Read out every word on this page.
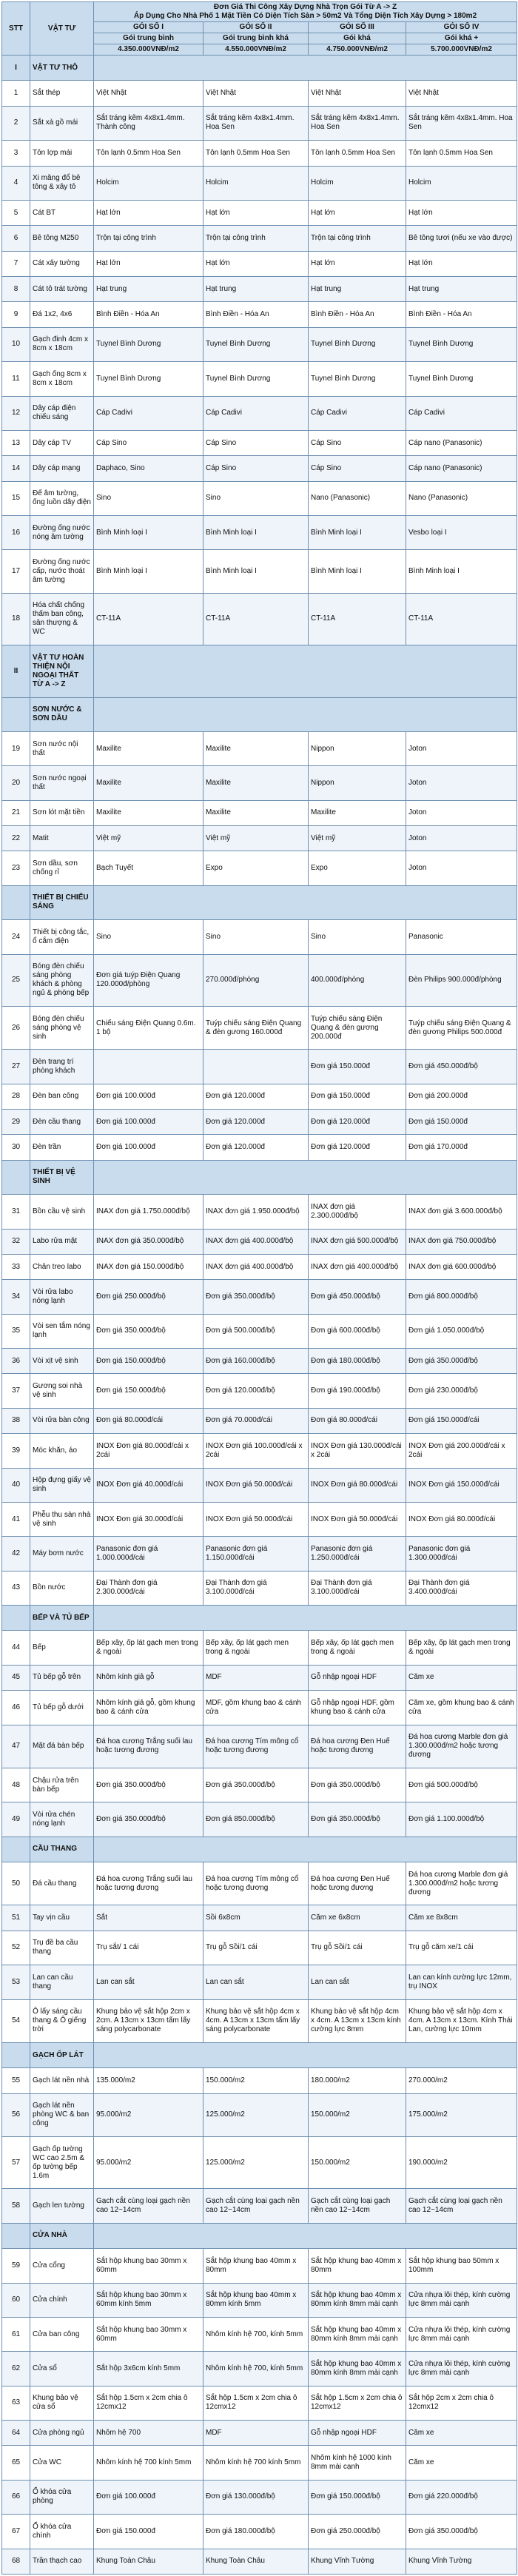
STT	VẬT TƯ	Đơn Giá Thi Công Xây Dựng Nhà Trọn Gói Từ A -> Z
Áp Dụng Cho Nhà Phố 1 Mặt Tiền Có Diện Tích Sàn > 50m2 Và Tổng Diện Tích Xây Dựng > 180m2			

		GÓI SỐ I	GÓI SỐ II	GÓI SỐ III	GÓI SỐ IV
		Gói trung bình	Gói trung bình khá	Gói khá	Gói khá +
		4.350.000VNĐ/m2	4.550.000VNĐ/m2	4.750.000VNĐ/m2	5.700.000VNĐ/m2
I	VẬT TƯ THÔ				
1	Sắt thép	Việt Nhật	Việt Nhật	Việt Nhật	Việt Nhật
2	Sắt xà gồ mái	Sắt tráng kẽm 4x8x1.4mm. Thành công	Sắt tráng kẽm 4x8x1.4mm. Hoa Sen	Sắt tráng kẽm 4x8x1.4mm. Hoa Sen	Sắt tráng kẽm 4x8x1.4mm. Hoa Sen
3	Tôn lợp mái	Tôn lạnh 0.5mm Hoa Sen	Tôn lạnh 0.5mm Hoa Sen	Tôn lạnh 0.5mm Hoa Sen	Tôn lạnh 0.5mm Hoa Sen
4	Xi măng đổ bê tông & xây tô	Holcim	Holcim	Holcim	Holcim
5	Cát BT	Hạt lớn	Hạt lớn	Hạt lớn	Hạt lớn
6	Bê tông M250	Trộn tại công trình	Trộn tại công trình	Trộn tại công trình	Bê tông tươi (nếu xe vào được)
7	Cát xây tường	Hạt lớn	Hạt lớn	Hạt lớn	Hạt lớn
8	Cát tô trát tường	Hạt trung	Hạt trung	Hạt trung	Hạt trung
9	Đá 1x2, 4x6	Bình Điền - Hóa An	Bình Điền - Hóa An	Bình Điền - Hóa An	Bình Điền - Hóa An
10	Gạch đinh 4cm x 8cm x 18cm	Tuynel Bình Dương	Tuynel Bình Dương	Tuynel Bình Dương	Tuynel Bình Dương
11	Gạch ống 8cm x 8cm x 18cm	Tuynel Bình Dương	Tuynel Bình Dương	Tuynel Bình Dương	Tuynel Bình Dương
12	Dây cáp điện chiếu sáng	Cáp Cadivi	Cáp Cadivi	Cáp Cadivi	Cáp Cadivi
13	Dây cáp TV	Cáp Sino	Cáp Sino	Cáp Sino	Cáp nano (Panasonic)
14	Dây cáp mạng	Daphaco, Sino	Cáp Sino	Cáp Sino	Cáp nano (Panasonic)
15	Đế âm tường, ống luồn dây điện	Sino	Sino	Nano (Panasonic)	Nano (Panasonic)
16	Đường ống nước nóng âm tường	Bình Minh loại I	Bình Minh loại I	Bình Minh loại I	Vesbo loại I
17	Đường ống nước cấp, nước thoát âm tường	Bình Minh loại I	Bình Minh loại I	Bình Minh loại I	Bình Minh loại I
18	Hóa chất chống thấm ban công, sân thượng & WC	CT-11A	CT-11A	CT-11A	CT-11A
II	VẬT TƯ HOÀN THIỆN NỘI NGOẠI THẤT TỪ A -> Z				
	SƠN NƯỚC & SƠN DẦU				
19	Sơn nước nội thất	Maxilite	Maxilite	Nippon	Joton
20	Sơn nước ngoại thất	Maxilite	Maxilite	Nippon	Joton
21	Sơn lót mặt tiền	Maxilite	Maxilite	Maxilite	Joton
22	Matit	Việt mỹ	Việt mỹ	Việt mỹ	Joton
23	Sơn dầu, sơn chống rỉ	Bạch Tuyết	Expo	Expo	Joton
	THIẾT BỊ CHIẾU SÁNG				
24	Thiết bị công tắc, ổ cắm điện	Sino	Sino	Sino	Panasonic
25	Bóng đèn chiếu sáng phòng khách & phòng ngủ & phòng bếp	Đơn giá tuýp Điện Quang 120.000đ/phòng	270.000đ/phòng	400.000đ/phòng	Đèn Philips 900.000đ/phòng
26	Bóng đèn chiếu sáng phòng vệ sinh	Chiếu sáng Điện Quang 0.6m. 1 bộ	Tuýp chiếu sáng Điện Quang & đèn gương 160.000đ	Tuýp chiếu sáng Điện Quang & đèn gương 200.000đ	Tuýp chiếu sáng Điện Quang & đèn gương Philips 500.000đ
27	Đèn trang trí phòng khách			Đơn giá 150.000đ	Đơn giá 450.000đ/bộ
28	Đèn ban công	Đơn giá 100.000đ	Đơn giá 120.000đ	Đơn giá 150.000đ	Đơn giá 200.000đ
29	Đèn cầu thang	Đơn giá 100.000đ	Đơn giá 120.000đ	Đơn giá 120.000đ	Đơn giá 150.000đ
30	Đèn trần	Đơn giá 100.000đ	Đơn giá 120.000đ	Đơn giá 120.000đ	Đơn giá 170.000đ
	THIẾT BỊ VỆ SINH				
31	Bồn cầu vệ sinh	INAX đơn giá 1.750.000đ/bộ	INAX đơn giá 1.950.000đ/bộ	INAX đơn giá 2.300.000đ/bộ	INAX đơn giá 3.600.000đ/bộ
32	Labo rửa mặt	INAX đơn giá 350.000đ/bộ	INAX đơn giá 400.000đ/bộ	INAX đơn giá 500.000đ/bộ	INAX đơn giá 750.000đ/bộ
33	Chân treo labo	INAX đơn giá 150.000đ/bộ	INAX đơn giá 400.000đ/bộ	INAX đơn giá 400.000đ/bộ	INAX đơn giá 600.000đ/bộ
34	Vòi rửa labo nóng lạnh	Đơn giá 250.000đ/bộ	Đơn giá 350.000đ/bộ	Đơn giá 450.000đ/bộ	Đơn giá 800.000đ/bộ
35	Vòi sen tắm nóng lạnh	Đơn giá 350.000đ/bộ	Đơn giá 500.000đ/bộ	Đơn giá 600.000đ/bộ	Đơn giá 1.050.000đ/bộ
36	Vòi xịt vệ sinh	Đơn giá 150.000đ/bộ	Đơn giá 160.000đ/bộ	Đơn giá 180.000đ/bộ	Đơn giá 350.000đ/bộ
37	Gương soi nhà vệ sinh	Đơn giá 150.000đ/bộ	Đơn giá 120.000đ/bộ	Đơn giá 190.000đ/bộ	Đơn giá 230.000đ/bộ
38	Vòi rửa bàn công	Đơn giá 80.000đ/cái	Đơn giá 70.000đ/cái	Đơn giá 80.000đ/cái	Đơn giá 150.000đ/cái
39	Móc khăn, áo	INOX Đơn giá 80.000đ/cái x 2cái	INOX Đơn giá 100.000đ/cái x 2cái	INOX Đơn giá 130.000đ/cái x 2cái	INOX Đơn giá 200.000đ/cái x 2cái
40	Hộp đựng giấy vệ sinh	INOX Đơn giá 40.000đ/cái	INOX Đơn giá 50.000đ/cái	INOX Đơn giá 80.000đ/cái	INOX Đơn giá 150.000đ/cái
41	Phễu thu sàn nhà vệ sinh	INOX Đơn giá 30.000đ/cái	INOX Đơn giá 50.000đ/cái	INOX Đơn giá 50.000đ/cái	INOX Đơn giá 80.000đ/cái
42	Máy bơm nước	Panasonic đơn giá 1.000.000đ/cái	Panasonic đơn giá 1.150.000đ/cái	Panasonic đơn giá 1.250.000đ/cái	Panasonic đơn giá 1.300.000đ/cái
43	Bồn nước	Đại Thành đơn giá 2.300.000đ/cái	Đại Thành đơn giá 3.100.000đ/cái	Đại Thành đơn giá 3.100.000đ/cái	Đại Thành đơn giá 3.400.000đ/cái
	BẾP VÀ TỦ BẾP				
44	Bếp	Bếp xây, ốp lát gạch men trong & ngoài	Bếp xây, ốp lát gạch men trong & ngoài	Bếp xây, ốp lát gạch men trong & ngoài	Bếp xây, ốp lát gạch men trong & ngoài
45	Tủ bếp gỗ trên	Nhôm kính giả gỗ	MDF	Gỗ nhập ngoại HDF	Căm xe
46	Tủ bếp gỗ dưới	Nhôm kính giả gỗ, gồm khung bao & cánh cửa	MDF, gồm khung bao & cánh cửa	Gỗ nhập ngoại HDF, gồm khung bao & cánh cửa	Căm xe, gồm khung bao & cánh cửa
47	Mặt đá bàn bếp	Đá hoa cương Trắng suối lau hoặc tương đương	Đá hoa cương Tím mông cổ hoặc tương đương	Đá hoa cương Đen Huế hoặc tương đương	Đá hoa cương Marble đơn giá 1.300.000đ/m2 hoặc tương đương
48	Chậu rửa trên bàn bếp	Đơn giá 350.000đ/bộ	Đơn giá 350.000đ/bộ	Đơn giá 350.000đ/bộ	Đơn giá 500.000đ/bộ
49	Vòi rửa chén nóng lạnh	Đơn giá 350.000đ/bộ	Đơn giá 850.000đ/bộ	Đơn giá 350.000đ/bộ	Đơn giá 1.100.000đ/bộ
	CẦU THANG				
50	Đá cầu thang	Đá hoa cương Trắng suối lau hoặc tương đương	Đá hoa cương Tím mông cổ hoặc tương đương	Đá hoa cương Đen Huế hoặc tương đương	Đá hoa cương Marble đơn giá 1.300.000đ/m2 hoặc tương đương
51	Tay vịn cầu	Sắt	Sồi 6x8cm	Căm xe 6x8cm	Căm xe 8x8cm
52	Trụ đề ba cầu thang	Trụ sắt/ 1 cái	Trụ gỗ Sồi/1 cái	Trụ gỗ Sồi/1 cái	Trụ gỗ căm xe/1 cái
53	Lan can cầu thang	Lan can sắt	Lan can sắt	Lan can sắt	Lan can kính cường lực 12mm, trụ INOX
54	Ô lấy sáng cầu thang & Ô giếng trời	Khung bảo vệ sắt hộp 2cm x 2cm. A 13cm x 13cm tấm lấy sáng polycarbonate	Khung bảo vệ sắt hộp 4cm x 4cm. A 13cm x 13cm tấm lấy sáng polycarbonate	Khung bảo vệ sắt hộp 4cm x 4cm. A 13cm x 13cm kính cường lực 8mm	Khung bảo vệ sắt hộp 4cm x 4cm. A 13cm x 13cm. Kính Thái Lan, cường lực 10mm
	GẠCH ỐP LÁT				
55	Gạch lát nền nhà	135.000/m2	150.000/m2	180.000/m2	270.000/m2
56	Gạch lát nền phòng WC & ban công	95.000/m2	125.000/m2	150.000/m2	175.000/m2
57	Gạch ốp tường WC cao 2.5m & ốp tường bếp 1.6m	95.000/m2	125.000/m2	150.000/m2	190.000/m2
58	Gạch len tường	Gạch cắt cùng loại gạch nền cao 12~14cm	Gạch cắt cùng loại gạch nền cao 12~14cm	Gạch cắt cùng loại gạch nền cao 12~14cm	Gạch cắt cùng loại gạch nền cao 12~14cm
	CỬA NHÀ				
59	Cửa cổng	Sắt hộp khung bao 30mm x 60mm	Sắt hộp khung bao 40mm x 80mm	Sắt hộp khung bao 40mm x 80mm	Sắt hộp khung bao 50mm x 100mm
60	Cửa chính	Sắt hộp khung bao 30mm x 60mm kính 5mm	Sắt hộp khung bao 40mm x 80mm kính 5mm	Sắt hộp khung bao 40mm x 80mm kính 8mm mài cạnh	Cửa nhựa lõi thép, kính cường lực 8mm mài cạnh
61	Cửa ban công	Sắt hộp khung bao 30mm x 60mm	Nhôm kính hệ 700, kính 5mm	Sắt hộp khung bao 40mm x 80mm kính 8mm mài cạnh	Cửa nhựa lõi thép, kính cường lực 8mm mài cạnh
62	Cửa sổ	Sắt hộp 3x6cm kính 5mm	Nhôm kính hệ 700, kính 5mm	Sắt hộp khung bao 40mm x 80mm kính 8mm mài cạnh	Cửa nhựa lõi thép, kính cường lực 8mm mài cạnh
63	Khung bảo vệ cửa sổ	Sắt hộp 1.5cm x 2cm chia ô 12cmx12	Sắt hộp 1.5cm x 2cm chia ô 12cmx12	Sắt hộp 1.5cm x 2cm chia ô 12cmx12	Sắt hộp 2cm x 2cm chia ô 12cmx12
64	Cửa phòng ngủ	Nhôm hệ 700	MDF	Gỗ nhập ngoại HDF	Căm xe
65	Cửa WC	Nhôm kính hệ 700 kính 5mm	Nhôm kính hệ 700 kính 5mm	Nhôm kính hệ 1000 kính 8mm mài cạnh	Căm xe
66	Ổ khóa cửa phòng	Đơn giá 100.000đ	Đơn giá 130.000đ/bộ	Đơn giá 150.000đ/bộ	Đơn giá 220.000đ/bộ
67	Ổ khóa cửa chính	Đơn giá 150.000đ	Đơn giá 180.000đ/bộ	Đơn giá 250.000đ/bộ	Đơn giá 350.000đ/bộ
68	Trần thạch cao	Khung Toàn Châu	Khung Toàn Châu	Khung Vĩnh Tường	Khung Vĩnh Tường
